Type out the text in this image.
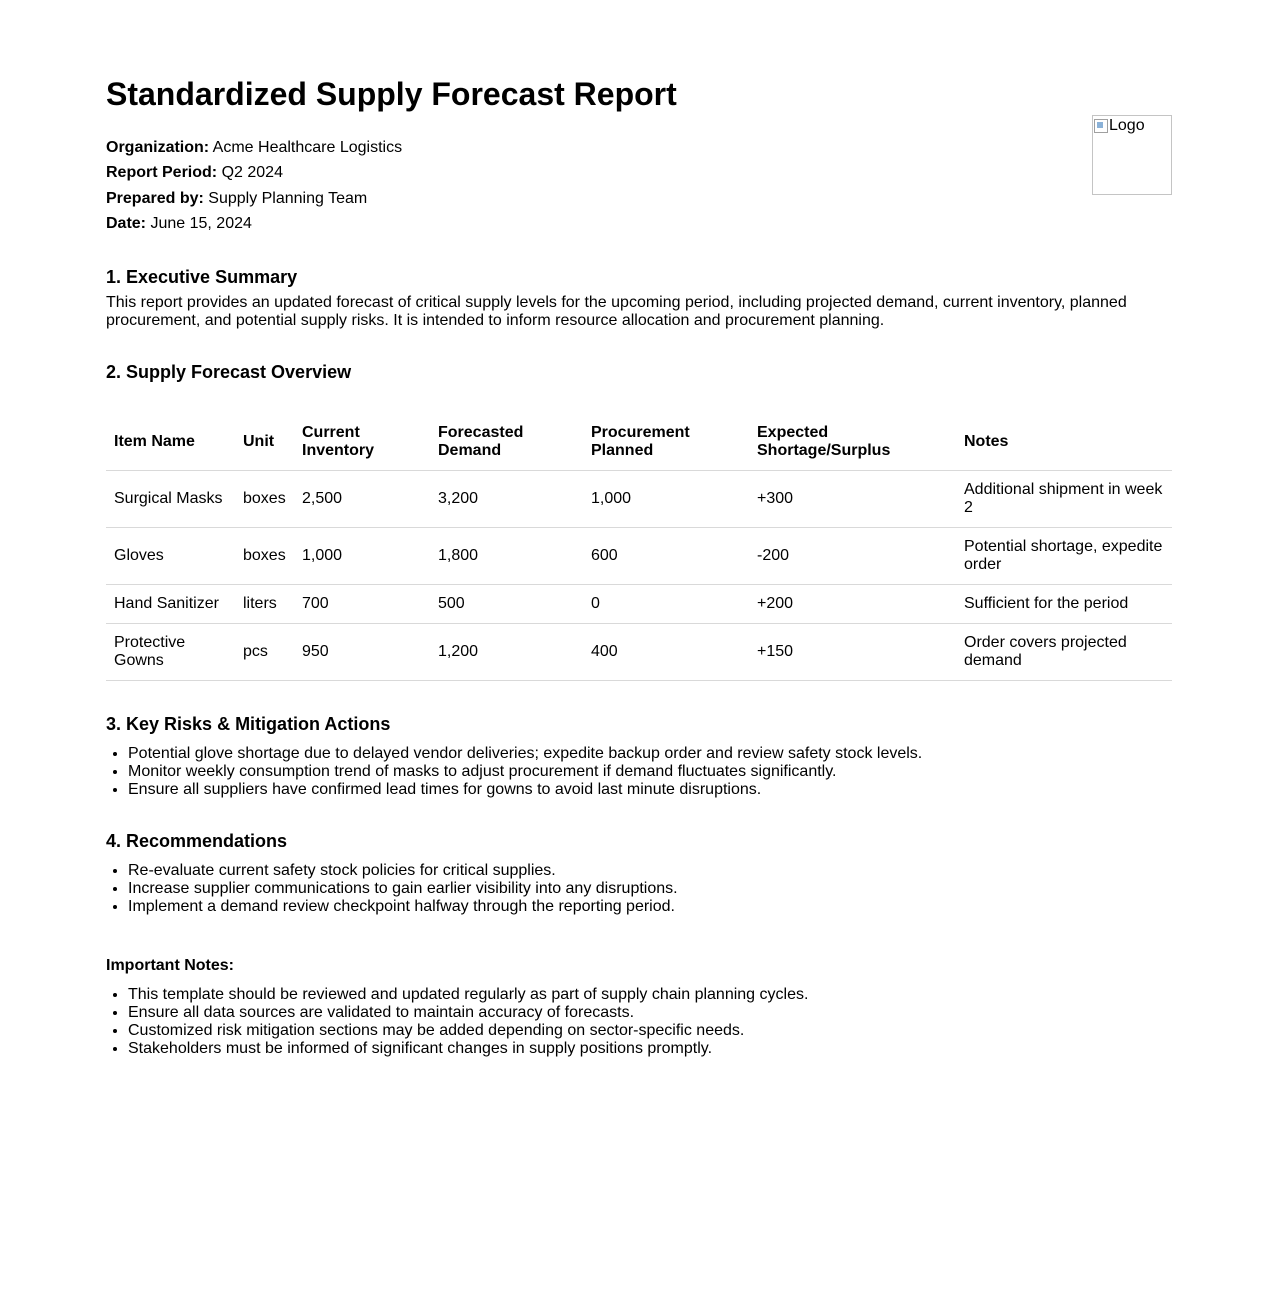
Standardized Supply Forecast Report
Logo
Organization: Acme Healthcare Logistics
Report Period: Q2 2024
Prepared by: Supply Planning Team
Date: June 15, 2024
1. Executive Summary

This report provides an updated forecast of critical supply levels for the upcoming period, including projected demand, current inventory, planned procurement, and potential supply risks. It is intended to inform resource allocation and procurement planning.

2. Supply Forecast Overview
Item Name	Unit	Current Inventory	Forecasted Demand	Procurement Planned	Expected Shortage/Surplus	Notes
Surgical Masks	boxes	2,500	3,200	1,000	+300	Additional shipment in week 2
Gloves	boxes	1,000	1,800	600	-200	Potential shortage, expedite order
Hand Sanitizer	liters	700	500	0	+200	Sufficient for the period
Protective Gowns	pcs	950	1,200	400	+150	Order covers projected demand
3. Key Risks & Mitigation Actions
• Potential glove shortage due to delayed vendor deliveries; expedite backup order and review safety stock levels.
• Monitor weekly consumption trend of masks to adjust procurement if demand fluctuates significantly.
• Ensure all suppliers have confirmed lead times for gowns to avoid last minute disruptions.
4. Recommendations
• Re-evaluate current safety stock policies for critical supplies.
• Increase supplier communications to gain earlier visibility into any disruptions.
• Implement a demand review checkpoint halfway through the reporting period.
Important Notes:
• This template should be reviewed and updated regularly as part of supply chain planning cycles.
• Ensure all data sources are validated to maintain accuracy of forecasts.
• Customized risk mitigation sections may be added depending on sector-specific needs.
• Stakeholders must be informed of significant changes in supply positions promptly.
